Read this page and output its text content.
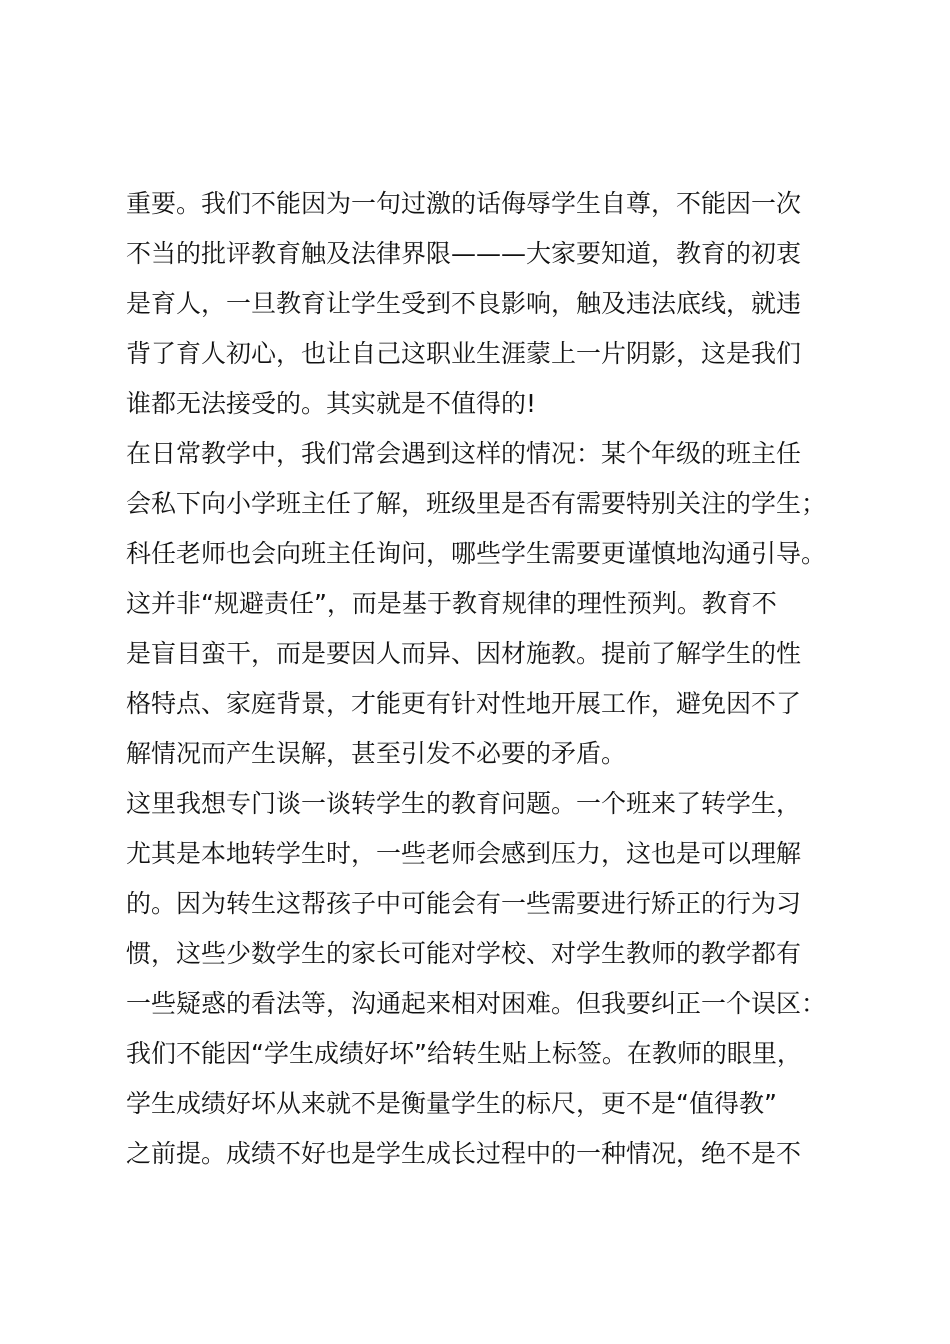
重要。我们不能因为一句过激的话侮辱学生自尊，不能因一次
不当的批评教育触及法律界限———大家要知道，教育的初衷
是育人，一旦教育让学生受到不良影响，触及违法底线，就违
背了育人初心，也让自己这职业生涯蒙上一片阴影，这是我们
谁都无法接受的。其实就是不值得的!
在日常教学中，我们常会遇到这样的情况：某个年级的班主任
会私下向小学班主任了解，班级里是否有需要特别关注的学生；
科任老师也会向班主任询问，哪些学生需要更谨慎地沟通引导。
这并非“规避责任”，而是基于教育规律的理性预判。教育不
是盲目蛮干，而是要因人而异、因材施教。提前了解学生的性
格特点、家庭背景，才能更有针对性地开展工作，避免因不了
解情况而产生误解，甚至引发不必要的矛盾。
这里我想专门谈一谈转学生的教育问题。一个班来了转学生，
尤其是本地转学生时，一些老师会感到压力，这也是可以理解
的。因为转生这帮孩子中可能会有一些需要进行矫正的行为习
惯，这些少数学生的家长可能对学校、对学生教师的教学都有
一些疑惑的看法等，沟通起来相对困难。但我要纠正一个误区：
我们不能因“学生成绩好坏”给转生贴上标签。在教师的眼里，
学生成绩好坏从来就不是衡量学生的标尺，更不是“值得教”
之前提。成绩不好也是学生成长过程中的一种情况，绝不是不
